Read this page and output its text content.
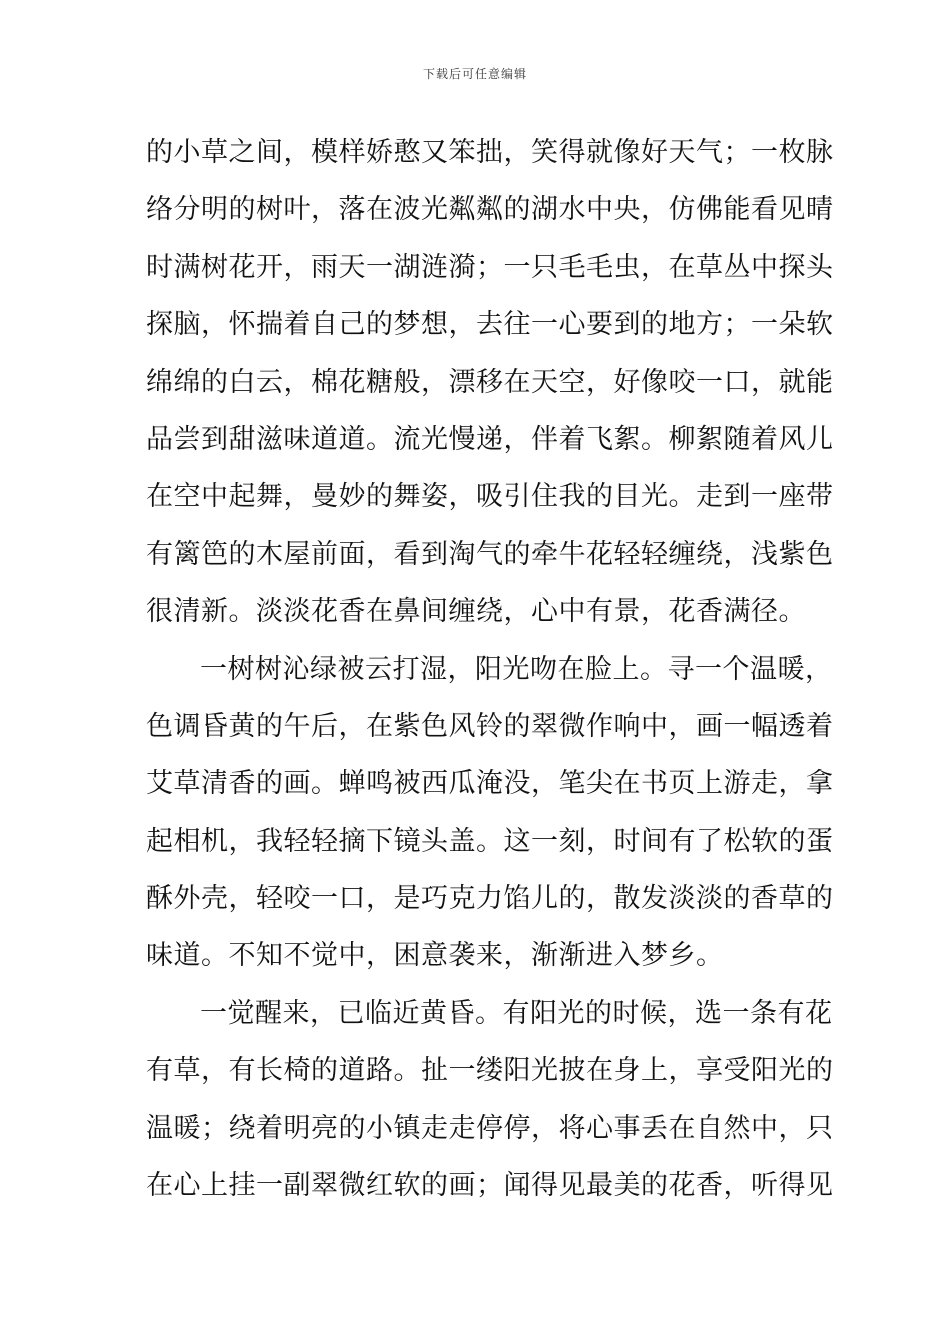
下载后可任意编辑
的小草之间，模样娇憨又笨拙，笑得就像好天气；一枚脉
络分明的树叶，落在波光粼粼的湖水中央，仿佛能看见晴
时满树花开，雨天一湖涟漪；一只毛毛虫，在草丛中探头
探脑，怀揣着自己的梦想，去往一心要到的地方；一朵软
绵绵的白云，棉花糖般，漂移在天空，好像咬一口，就能
品尝到甜滋味道道。流光慢递，伴着飞絮。柳絮随着风儿
在空中起舞，曼妙的舞姿，吸引住我的目光。走到一座带
有篱笆的木屋前面，看到淘气的牵牛花轻轻缠绕，浅紫色
很清新。淡淡花香在鼻间缠绕，心中有景，花香满径。
一树树沁绿被云打湿，阳光吻在脸上。寻一个温暖，
色调昏黄的午后，在紫色风铃的翠微作响中，画一幅透着
艾草清香的画。蝉鸣被西瓜淹没，笔尖在书页上游走，拿
起相机，我轻轻摘下镜头盖。这一刻，时间有了松软的蛋
酥外壳，轻咬一口，是巧克力馅儿的，散发淡淡的香草的
味道。不知不觉中，困意袭来，渐渐进入梦乡。
一觉醒来，已临近黄昏。有阳光的时候，选一条有花
有草，有长椅的道路。扯一缕阳光披在身上，享受阳光的
温暖；绕着明亮的小镇走走停停，将心事丢在自然中，只
在心上挂一副翠微红软的画；闻得见最美的花香，听得见
